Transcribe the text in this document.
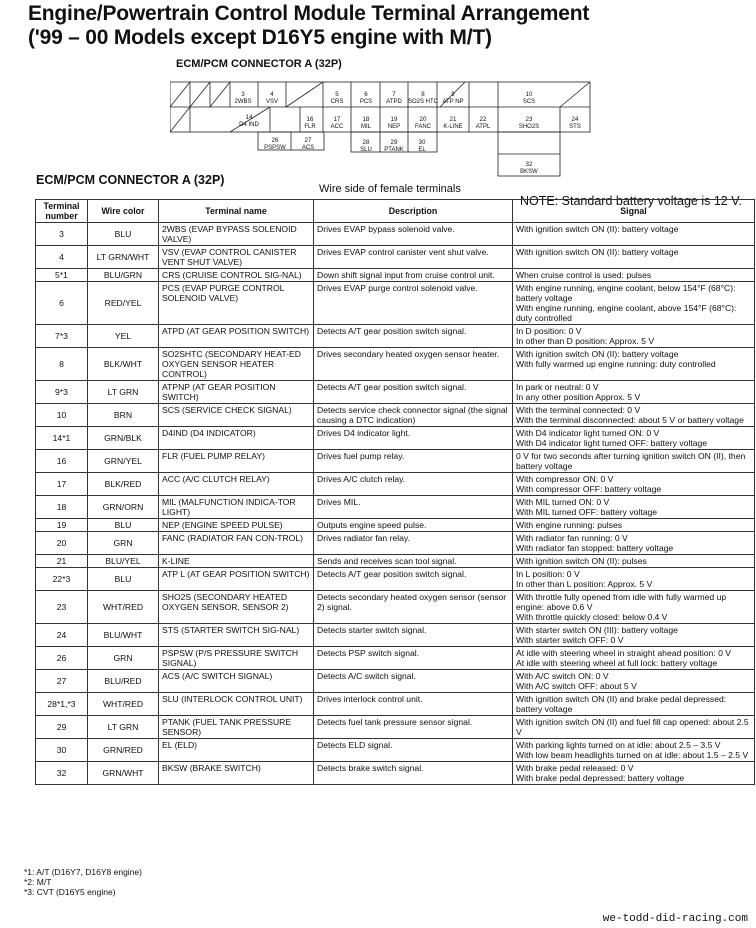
Engine/Powertrain Control Module Terminal Arrangement
('99 – 00 Models except D16Y5 engine with M/T)
ECM/PCM CONNECTOR A (32P)
3
2WBS
4
VSV
5
CRS
6
PCS
7
ATPD
8
SO2S HTC
9
ATP NP
10
SCS
14
D4 IND
16
FLR
17
ACC
18
MIL
19
NEP
20
FANC
21
K-LINE
22
ATPL
23
SHO2S
24
STS
26
PSPSW
27
ACS
28
SLU
29
PTANK
30
EL
32
BKSW
ECM/PCM CONNECTOR A (32P)
Wire side of female terminals
NOTE: Standard battery voltage is 12 V.
Terminal number	Wire color	Terminal name	Description	Signal
3	BLU	2WBS (EVAP BYPASS SOLENOID VALVE)	Drives EVAP bypass solenoid valve.	With ignition switch ON (II): battery voltage
4	LT GRN/WHT	VSV (EVAP CONTROL CANISTER VENT SHUT VALVE)	Drives EVAP control canister vent shut valve.	With ignition switch ON (II): battery voltage
5*1	BLU/GRN	CRS (CRUISE CONTROL SIG-NAL)	Down shift signal input from cruise control unit.	When cruise control is used: pulses
6	RED/YEL	PCS (EVAP PURGE CONTROL SOLENOID VALVE)	Drives EVAP purge control solenoid valve.	With engine running, engine coolant, below 154°F (68°C): battery voltage
With engine running, engine coolant, above 154°F (68°C): duty controlled
7*3	YEL	ATPD (AT GEAR POSITION SWITCH)	Detects A/T gear position switch signal.	In D position: 0 V
In other than D position: Approx. 5 V
8	BLK/WHT	SO2SHTC (SECONDARY HEAT-ED OXYGEN SENSOR HEATER CONTROL)	Drives secondary heated oxygen sensor heater.	With ignition switch ON (II): battery voltage
With fully warmed up engine running: duty controlled
9*3	LT GRN	ATPNP (AT GEAR POSITION SWITCH)	Detects A/T gear position switch signal.	In park or neutral: 0 V
In any other position Approx. 5 V
10	BRN	SCS (SERVICE CHECK SIGNAL)	Detects service check connector signal (the signal causing a DTC indication)	With the terminal connected: 0 V
With the terminal disconnected: about 5 V or battery voltage
14*1	GRN/BLK	D4IND (D4 INDICATOR)	Drives D4 indicator light.	With D4 indicator light turned ON: 0 V
With D4 indicator light turned OFF: battery voltage
16	GRN/YEL	FLR (FUEL PUMP RELAY)	Drives fuel pump relay.	0 V for two seconds after turning ignition switch ON (II), then battery voltage
17	BLK/RED	ACC (A/C CLUTCH RELAY)	Drives A/C clutch relay.	With compressor ON: 0 V
With compressor OFF: battery voltage
18	GRN/ORN	MIL (MALFUNCTION INDICA-TOR LIGHT)	Drives MIL.	With MIL turned ON: 0 V
With MIL turned OFF: battery voltage
19	BLU	NEP (ENGINE SPEED PULSE)	Outputs engine speed pulse.	With engine running: pulses
20	GRN	FANC (RADIATOR FAN CON-TROL)	Drives radiator fan relay.	With radiator fan running: 0 V
With radiator fan stopped: battery voltage
21	BLU/YEL	K-LINE	Sends and receives scan tool signal.	With ignition switch ON (II): pulses
22*3	BLU	ATP L (AT GEAR POSITION SWITCH)	Detects A/T gear position switch signal.	In L position: 0 V
In other than L position: Approx. 5 V
23	WHT/RED	SHO2S (SECONDARY HEATED OXYGEN SENSOR, SENSOR 2)	Detects secondary heated oxygen sensor (sensor 2) signal.	With throttle fully opened from idle with fully warmed up engine: above 0.6 V
With throttle quickly closed: below 0.4 V
24	BLU/WHT	STS (STARTER SWITCH SIG-NAL)	Detects starter switch signal.	With starter switch ON (III): battery voltage
With starter switch OFF: 0 V
26	GRN	PSPSW (P/S PRESSURE SWITCH SIGNAL)	Detects PSP switch signal.	At idle with steering wheel in straight ahead position: 0 V
At idle with steering wheel at full lock: battery voltage
27	BLU/RED	ACS (A/C SWITCH SIGNAL)	Detects A/C switch signal.	With A/C switch ON: 0 V
With A/C switch OFF: about 5 V
28*1,*3	WHT/RED	SLU (INTERLOCK CONTROL UNIT)	Drives interlock control unit.	With ignition switch ON (II) and brake pedal depressed: battery voltage
29	LT GRN	PTANK (FUEL TANK PRESSURE SENSOR)	Detects fuel tank pressure sensor signal.	With ignition switch ON (II) and fuel fill cap opened: about 2.5 V
30	GRN/RED	EL (ELD)	Detects ELD signal.	With parking lights turned on at idle: about 2.5 – 3.5 V
With low beam headlights turned on at idle: about 1.5 – 2.5 V
32	GRN/WHT	BKSW (BRAKE SWITCH)	Detects brake switch signal.	With brake pedal released: 0 V
With brake pedal depressed: battery voltage
*1: A/T (D16Y7, D16Y8 engine)
*2: M/T
*3: CVT (D16Y5 engine)
we-todd-did-racing.com
